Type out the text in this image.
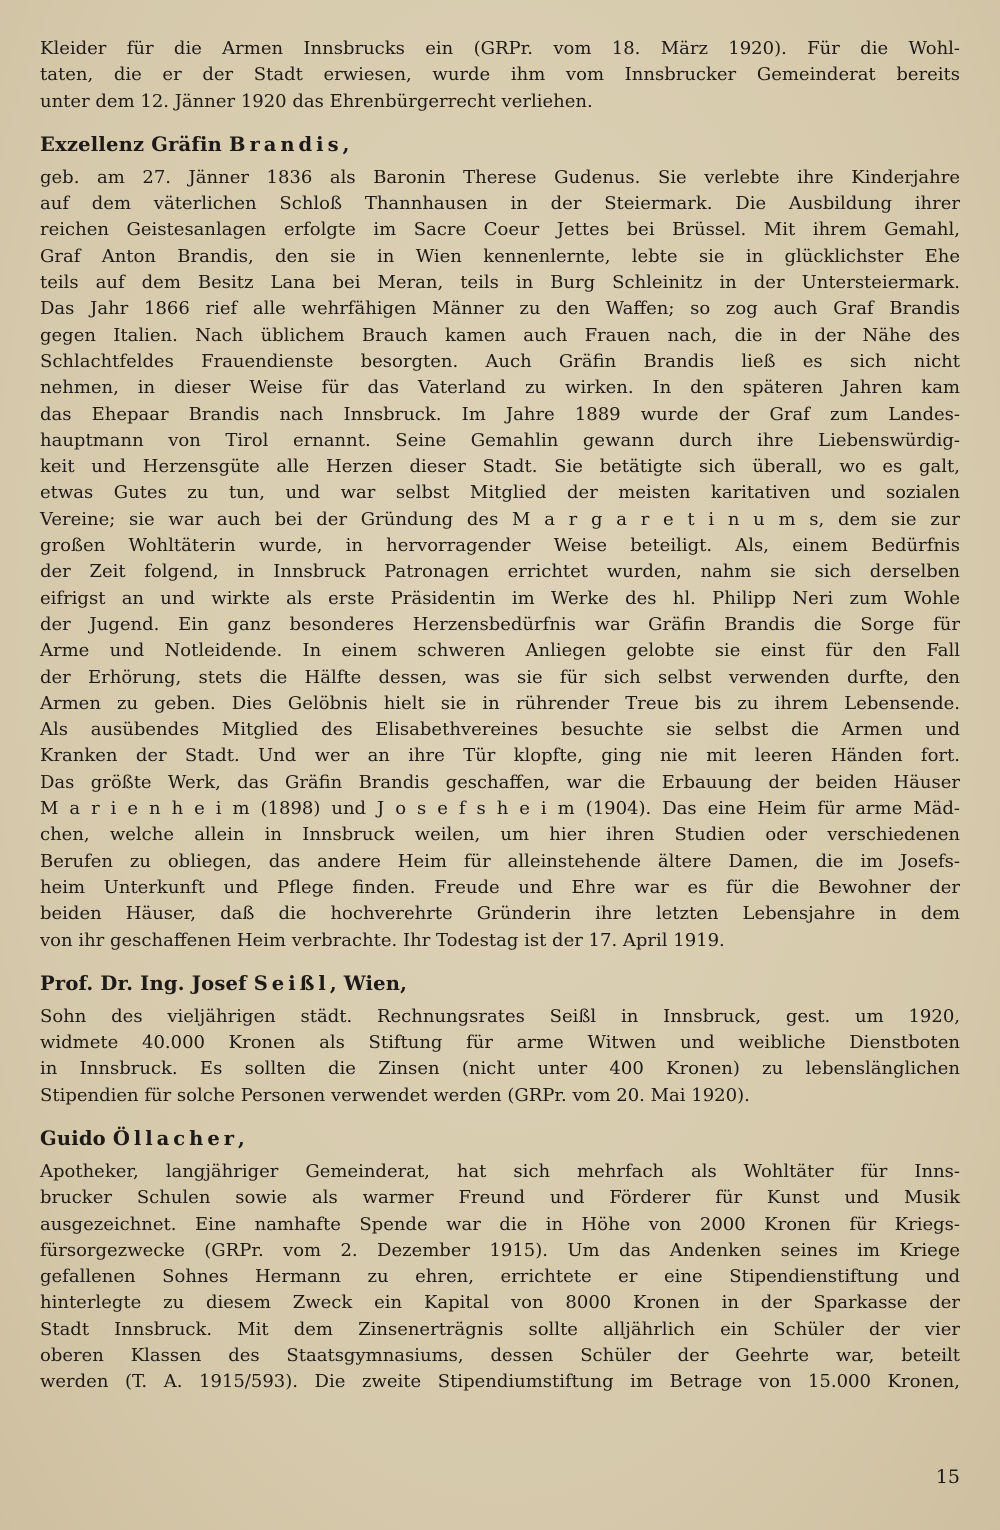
Kleider für die Armen Innsbrucks ein (GRPr. vom 18. März 1920). Für die Wohl-
taten, die er der Stadt erwiesen, wurde ihm vom Innsbrucker Gemeinderat bereits
unter dem 12. Jänner 1920 das Ehrenbürgerrecht verliehen.
Exzellenz Gräfin Brandis,
geb. am 27. Jänner 1836 als Baronin Therese Gudenus. Sie verlebte ihre Kinderjahre
auf dem väterlichen Schloß Thannhausen in der Steiermark. Die Ausbildung ihrer
reichen Geistesanlagen erfolgte im Sacre Coeur Jettes bei Brüssel. Mit ihrem Gemahl,
Graf Anton Brandis, den sie in Wien kennenlernte, lebte sie in glücklichster Ehe
teils auf dem Besitz Lana bei Meran, teils in Burg Schleinitz in der Untersteiermark.
Das Jahr 1866 rief alle wehrfähigen Männer zu den Waffen; so zog auch Graf Brandis
gegen Italien. Nach üblichem Brauch kamen auch Frauen nach, die in der Nähe des
Schlachtfeldes Frauendienste besorgten. Auch Gräfin Brandis ließ es sich nicht
nehmen, in dieser Weise für das Vaterland zu wirken. In den späteren Jahren kam
das Ehepaar Brandis nach Innsbruck. Im Jahre 1889 wurde der Graf zum Landes-
hauptmann von Tirol ernannt. Seine Gemahlin gewann durch ihre Liebenswürdig-
keit und Herzensgüte alle Herzen dieser Stadt. Sie betätigte sich überall, wo es galt,
etwas Gutes zu tun, und war selbst Mitglied der meisten karitativen und sozialen
Vereine; sie war auch bei der Gründung des M a r g a r e t i n u m s, dem sie zur
großen Wohltäterin wurde, in hervorragender Weise beteiligt. Als, einem Bedürfnis
der Zeit folgend, in Innsbruck Patronagen errichtet wurden, nahm sie sich derselben
eifrigst an und wirkte als erste Präsidentin im Werke des hl. Philipp Neri zum Wohle
der Jugend. Ein ganz besonderes Herzensbedürfnis war Gräfin Brandis die Sorge für
Arme und Notleidende. In einem schweren Anliegen gelobte sie einst für den Fall
der Erhörung, stets die Hälfte dessen, was sie für sich selbst verwenden durfte, den
Armen zu geben. Dies Gelöbnis hielt sie in rührender Treue bis zu ihrem Lebensende.
Als ausübendes Mitglied des Elisabethvereines besuchte sie selbst die Armen und
Kranken der Stadt. Und wer an ihre Tür klopfte, ging nie mit leeren Händen fort.
Das größte Werk, das Gräfin Brandis geschaffen, war die Erbauung der beiden Häuser
M a r i e n h e i m (1898) und J o s e f s h e i m (1904). Das eine Heim für arme Mäd-
chen, welche allein in Innsbruck weilen, um hier ihren Studien oder verschiedenen
Berufen zu obliegen, das andere Heim für alleinstehende ältere Damen, die im Josefs-
heim Unterkunft und Pflege finden. Freude und Ehre war es für die Bewohner der
beiden Häuser, daß die hochverehrte Gründerin ihre letzten Lebensjahre in dem
von ihr geschaffenen Heim verbrachte. Ihr Todestag ist der 17. April 1919.
Prof. Dr. Ing. Josef Seißl, Wien,
Sohn des vieljährigen städt. Rechnungsrates Seißl in Innsbruck, gest. um 1920,
widmete 40.000 Kronen als Stiftung für arme Witwen und weibliche Dienstboten
in Innsbruck. Es sollten die Zinsen (nicht unter 400 Kronen) zu lebenslänglichen
Stipendien für solche Personen verwendet werden (GRPr. vom 20. Mai 1920).
Guido Öllacher,
Apotheker, langjähriger Gemeinderat, hat sich mehrfach als Wohltäter für Inns-
brucker Schulen sowie als warmer Freund und Förderer für Kunst und Musik
ausgezeichnet. Eine namhafte Spende war die in Höhe von 2000 Kronen für Kriegs-
fürsorgezwecke (GRPr. vom 2. Dezember 1915). Um das Andenken seines im Kriege
gefallenen Sohnes Hermann zu ehren, errichtete er eine Stipendienstiftung und
hinterlegte zu diesem Zweck ein Kapital von 8000 Kronen in der Sparkasse der
Stadt Innsbruck. Mit dem Zinsenerträgnis sollte alljährlich ein Schüler der vier
oberen Klassen des Staatsgymnasiums, dessen Schüler der Geehrte war, beteilt
werden (T. A. 1915/593). Die zweite Stipendiumstiftung im Betrage von 15.000 Kronen,
15
